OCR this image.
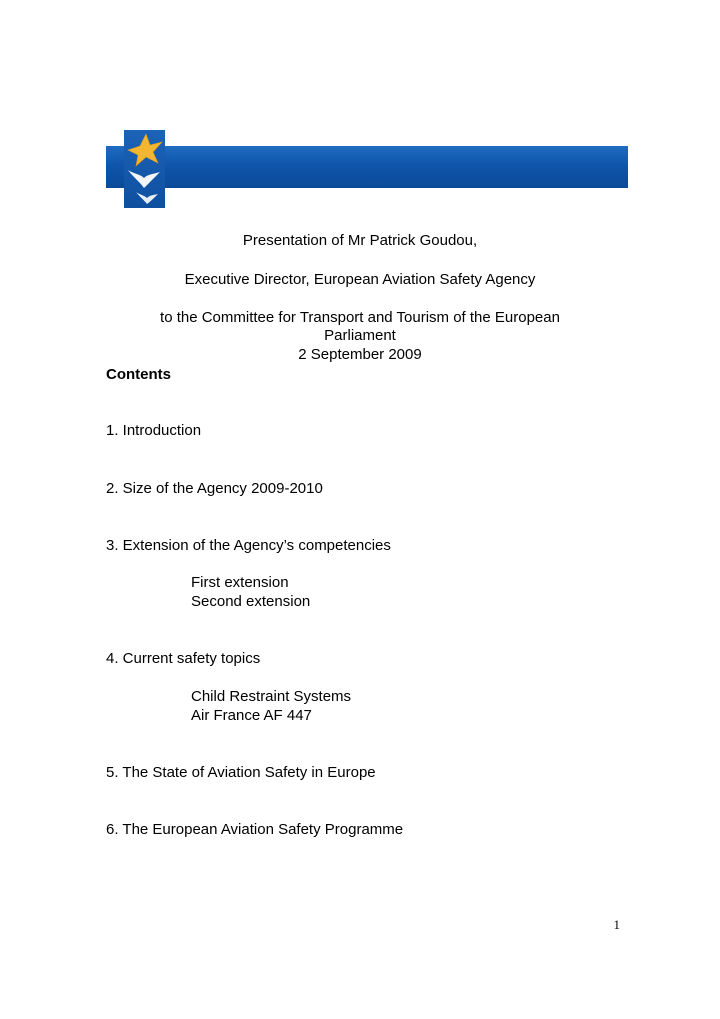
Presentation of Mr Patrick Goudou,
Executive Director, European Aviation Safety Agency
to the Committee for Transport and Tourism of the European
Parliament
2 September 2009
Contents
1. Introduction
2. Size of the Agency 2009-2010
3. Extension of the Agency’s competencies
First extension
Second extension
4. Current safety topics
Child Restraint Systems
Air France AF 447
5. The State of Aviation Safety in Europe
6. The European Aviation Safety Programme
1
